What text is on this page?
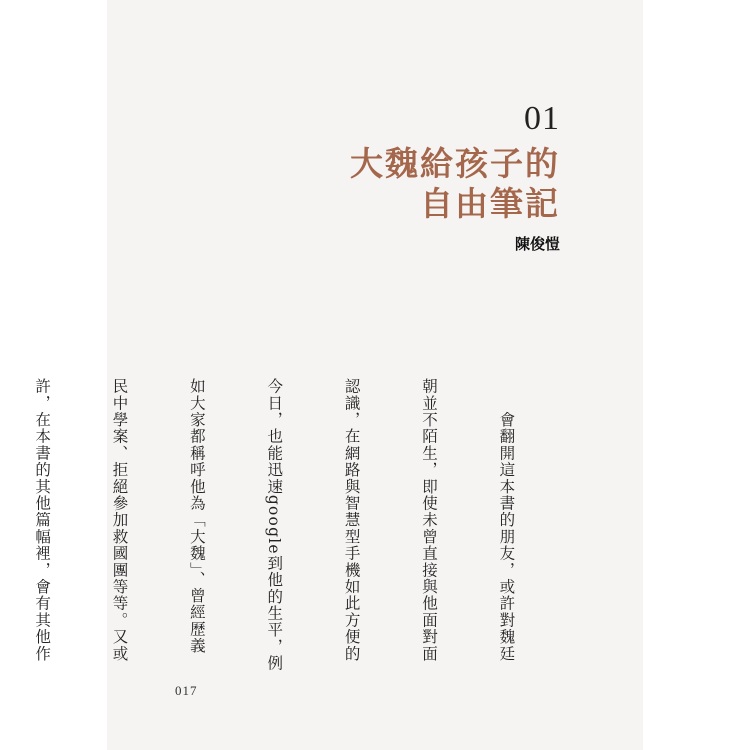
01
大魏給孩子的
自由筆記
陳俊愷

　　會翻開這本書的朋友，或許對魏廷

朝並不陌生，即使未曾直接與他面對面

認識，在網路與智慧型手機如此方便的

今日，也能迅速google到他的生平，例

如大家都稱呼他為「大魏」、曾經歷義

民中學案、拒絕參加救國團等等。又或

許，在本書的其他篇幅裡，會有其他作

017
